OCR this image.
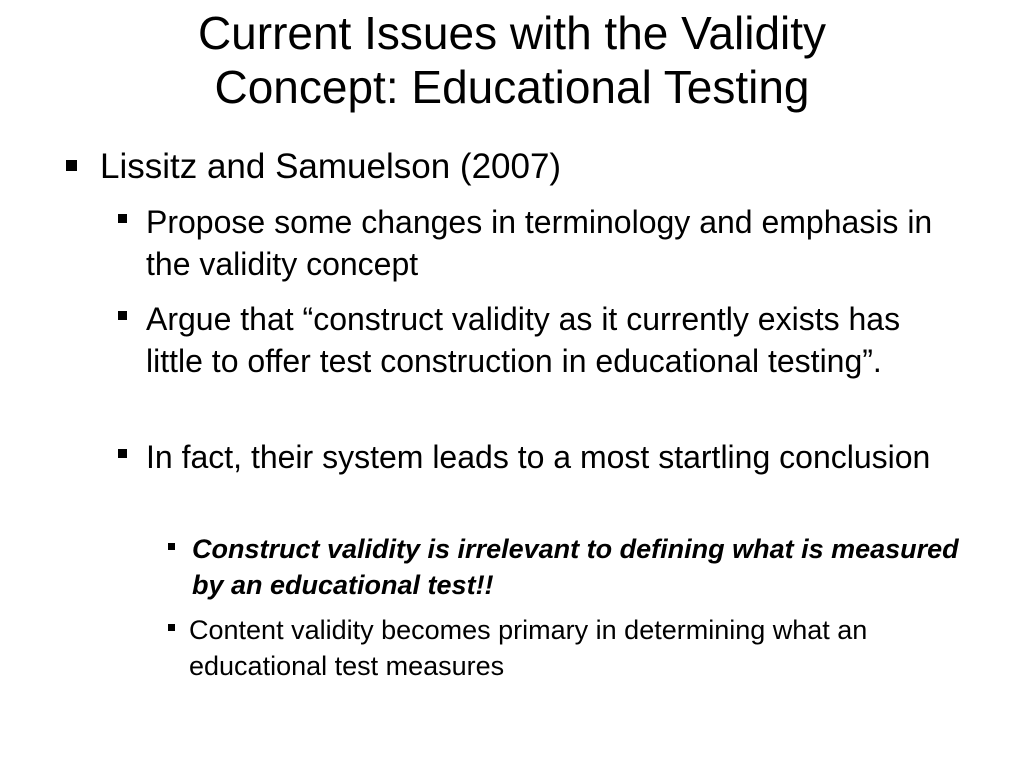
Current Issues with the Validity
Concept: Educational Testing
Lissitz and Samuelson (2007)
Propose some changes in terminology and emphasis in the validity concept
Argue that “construct validity as it currently exists has little to offer test construction in educational testing”.
In fact, their system leads to a most startling conclusion
Construct validity is irrelevant to defining what is measured by an educational test!!
Content validity becomes primary in determining what an educational test measures
